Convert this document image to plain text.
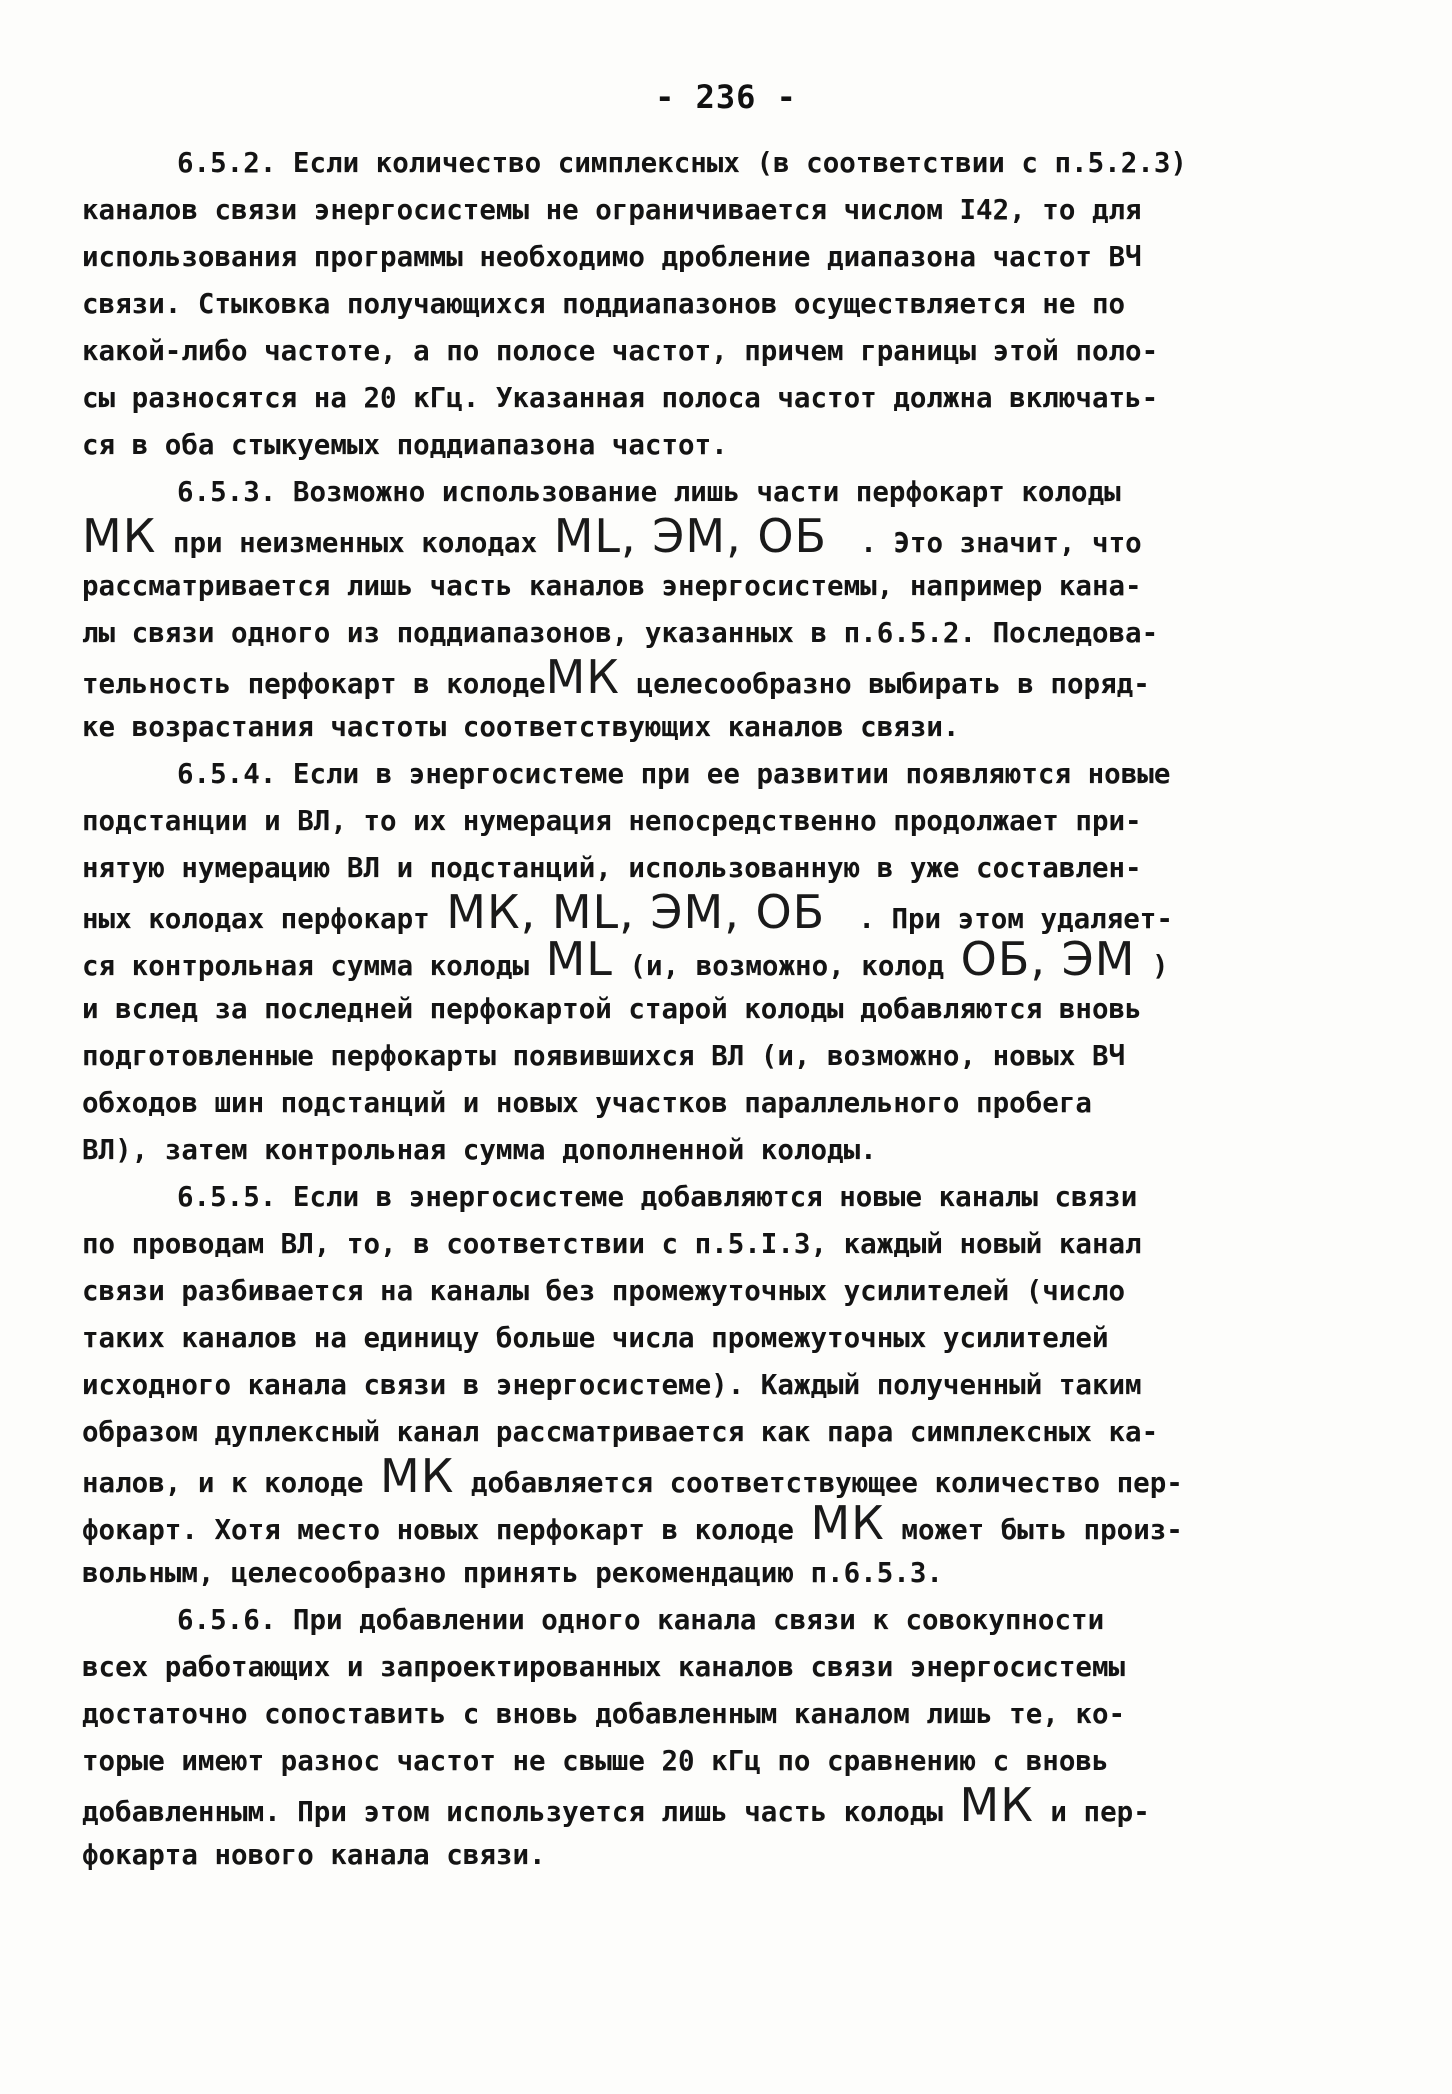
- 236 -
6.5.2. Если количество симплексных (в соответствии с п.5.2.3)
каналов связи энергосистемы не ограничивается числом I42, то для
использования программы необходимо дробление диапазона частот ВЧ
связи. Стыковка получающихся поддиапазонов осуществляется не по
какой-либо частоте, а по полосе частот, причем границы этой поло-
сы разносятся на 20 кГц. Указанная полоса частот должна включать-
ся в оба стыкуемых поддиапазона частот.
6.5.3. Возможно использование лишь части перфокарт колоды
МК при неизменных колодах ML, ЭМ, ОБ  . Это значит, что
рассматривается лишь часть каналов энергосистемы, например кана-
лы связи одного из поддиапазонов, указанных в п.6.5.2. Последова-
тельность перфокарт в колодеМК целесообразно выбирать в поряд-
ке возрастания частоты соответствующих каналов связи.
6.5.4. Если в энергосистеме при ее развитии появляются новые
подстанции и ВЛ, то их нумерация непосредственно продолжает при-
нятую нумерацию ВЛ и подстанций, использованную в уже составлен-
ных колодах перфокарт МК, ML, ЭМ, ОБ  . При этом удаляет-
ся контрольная сумма колоды ML (и, возможно, колод ОБ, ЭМ )
и вслед за последней перфокартой старой колоды добавляются вновь
подготовленные перфокарты появившихся ВЛ (и, возможно, новых ВЧ
обходов шин подстанций и новых участков параллельного пробега
ВЛ), затем контрольная сумма дополненной колоды.
6.5.5. Если в энергосистеме добавляются новые каналы связи
по проводам ВЛ, то, в соответствии с п.5.I.3, каждый новый канал
связи разбивается на каналы без промежуточных усилителей (число
таких каналов на единицу больше числа промежуточных усилителей
исходного канала связи в энергосистеме). Каждый полученный таким
образом дуплексный канал рассматривается как пара симплексных ка-
налов, и к колоде МК добавляется соответствующее количество пер-
фокарт. Хотя место новых перфокарт в колоде МК может быть произ-
вольным, целесообразно принять рекомендацию п.6.5.3.
6.5.6. При добавлении одного канала связи к совокупности
всех работающих и запроектированных каналов связи энергосистемы
достаточно сопоставить с вновь добавленным каналом лишь те, ко-
торые имеют разнос частот не свыше 20 кГц по сравнению с вновь
добавленным. При этом используется лишь часть колоды МК и пер-
фокарта нового канала связи.
